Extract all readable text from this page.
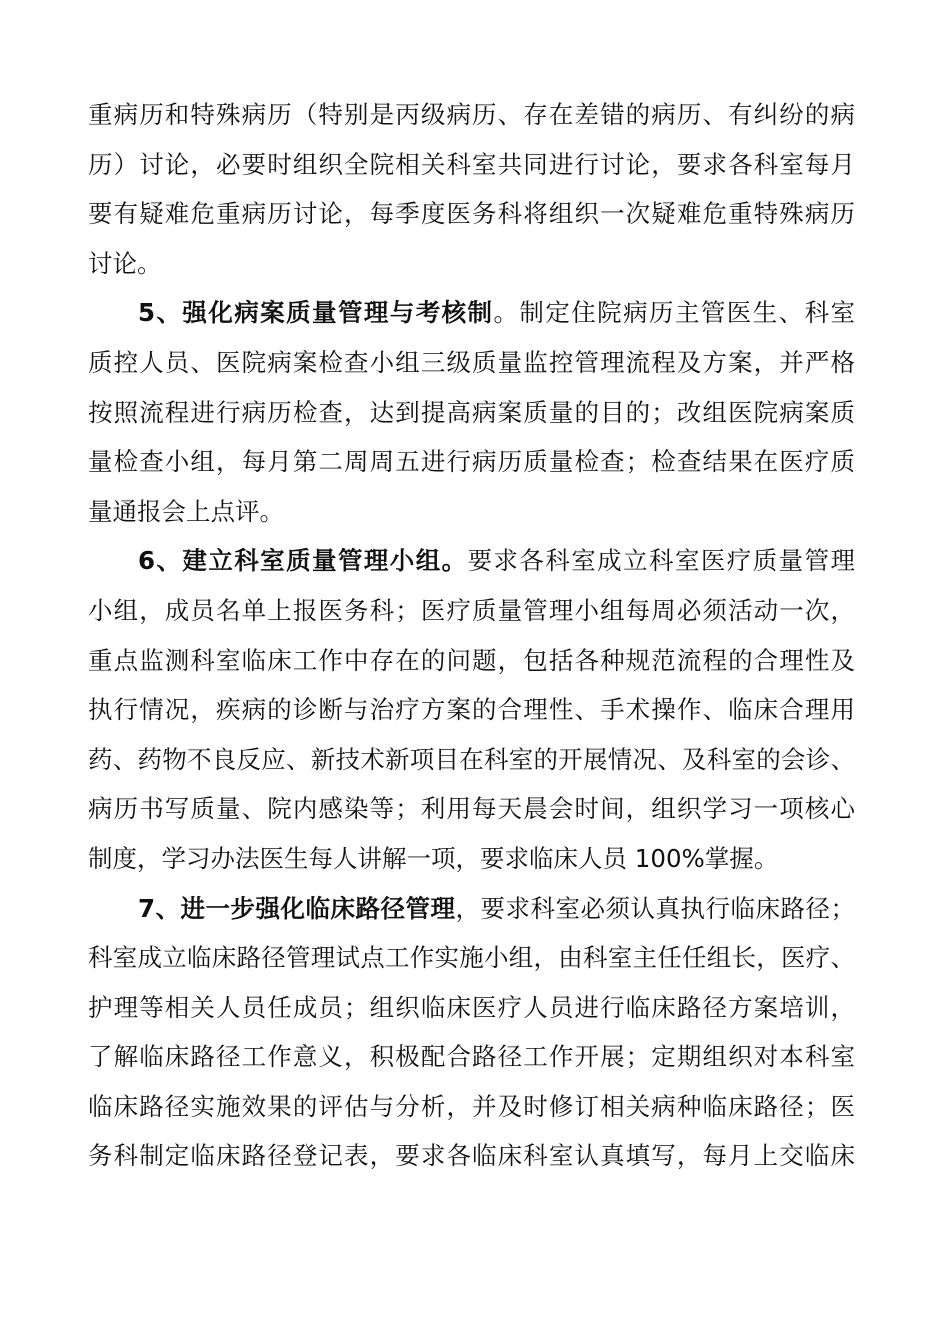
重病历和特殊病历（特别是丙级病历、存在差错的病历、有纠纷的病
历）讨论，必要时组织全院相关科室共同进行讨论，要求各科室每月
要有疑难危重病历讨论，每季度医务科将组织一次疑难危重特殊病历
讨论。
5、强化病案质量管理与考核制。制定住院病历主管医生、科室
质控人员、医院病案检查小组三级质量监控管理流程及方案，并严格
按照流程进行病历检查，达到提高病案质量的目的；改组医院病案质
量检查小组，每月第二周周五进行病历质量检查；检查结果在医疗质
量通报会上点评。
6、建立科室质量管理小组。要求各科室成立科室医疗质量管理
小组，成员名单上报医务科；医疗质量管理小组每周必须活动一次，
重点监测科室临床工作中存在的问题，包括各种规范流程的合理性及
执行情况，疾病的诊断与治疗方案的合理性、手术操作、临床合理用
药、药物不良反应、新技术新项目在科室的开展情况、及科室的会诊、
病历书写质量、院内感染等；利用每天晨会时间，组织学习一项核心
制度，学习办法医生每人讲解一项，要求临床人员 100%掌握。
7、进一步强化临床路径管理，要求科室必须认真执行临床路径；
科室成立临床路径管理试点工作实施小组，由科室主任任组长，医疗、
护理等相关人员任成员；组织临床医疗人员进行临床路径方案培训，
了解临床路径工作意义，积极配合路径工作开展；定期组织对本科室
临床路径实施效果的评估与分析，并及时修订相关病种临床路径；医
务科制定临床路径登记表，要求各临床科室认真填写，每月上交临床
